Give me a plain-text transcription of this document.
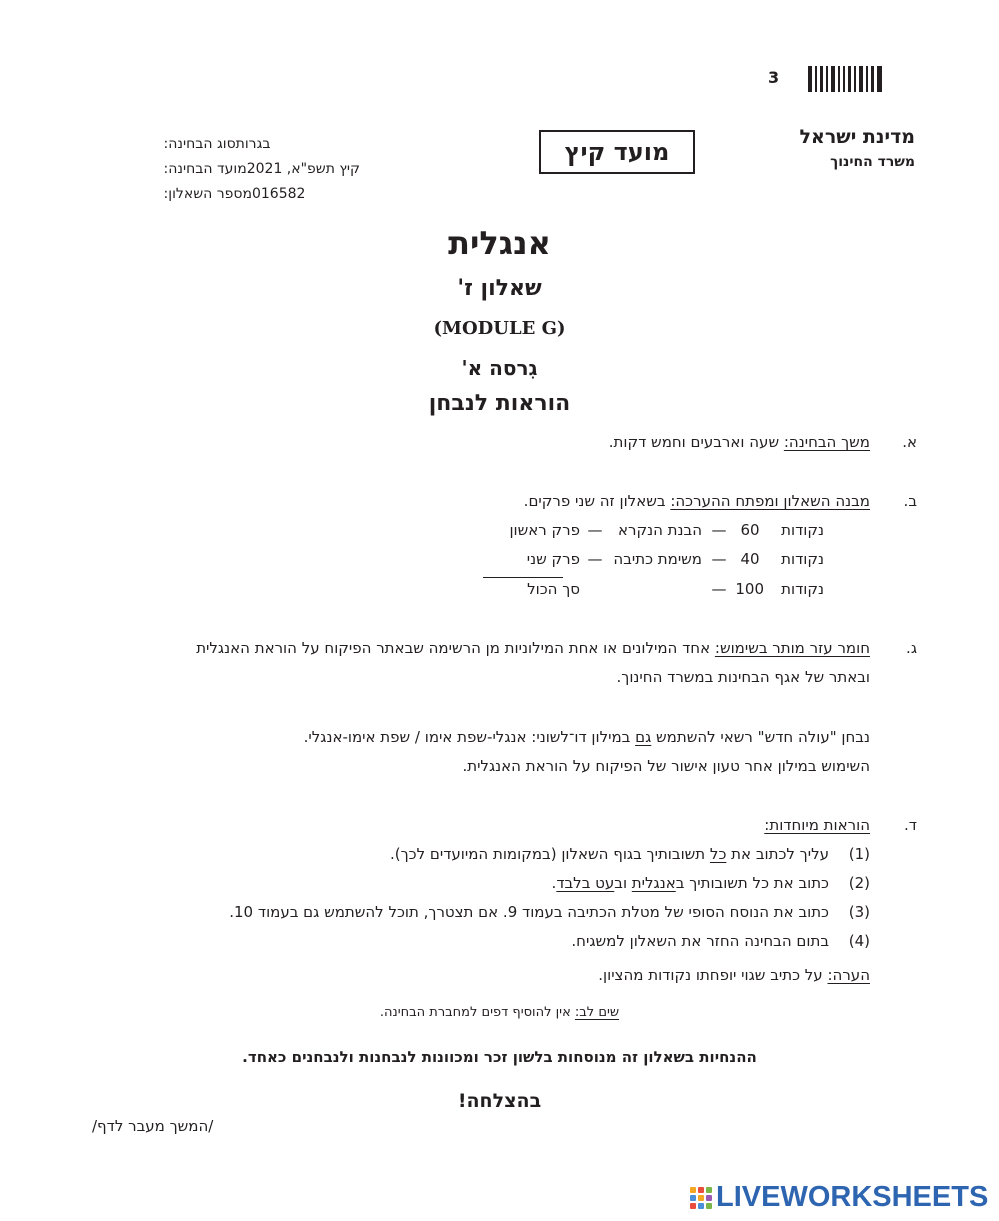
3
מדינת ישראל
משרד החינוך
מועד קיץ
סוג הבחינה: בגרות
מועד הבחינה: קיץ תשפ"א, 2021
מספר השאלון: 016582
אנגלית
שאלון ז'
(MODULE G)
גִרסה א'
הוראות לנבחן
א.
משך הבחינה: שעה וארבעים וחמש דקות.
ב.
מבנה השאלון ומפתח ההערכה: בשאלון זה שני פרקים.
פרק ראשון —	הבנת הנקרא — 60	נקודות
פרק שני — משימת כתיבה — 40	נקודות
סך הכול	— 100	נקודות
ג.
חומר עזר מותר בשימוש: אחד המילונים או אחת המילוניות מן הרשימה שבאתר הפיקוח על הוראת האנגלית
ובאתר של אגף הבחינות במשרד החינוך.
נבחן "עולה חדש" רשאי להשתמש גם במילון דו־לשוני: אנגלי-שפת אימו / שפת אימו-אנגלי.
השימוש במילון אחר טעון אישור של הפיקוח על הוראת האנגלית.
ד.
הוראות מיוחדות:
(1)
עליך לכתוב את כל תשובותיך בגוף השאלון (במקומות המיועדים לכך).
(2)
כתוב את כל תשובותיך באנגלית ובעט בלבד.
(3)
כתוב את הנוסח הסופי של מטלת הכתיבה בעמוד 9. אם תצטרך, תוכל להשתמש גם בעמוד 10.
(4)
בתום הבחינה החזר את השאלון למשגיח.
הערה: על כתיב שגוי יופחתו נקודות מהציון.
שים לב: אין להוסיף דפים למחברת הבחינה.
ההנחיות בשאלון זה מנוסחות בלשון זכר ומכוונות לנבחנות ולנבחנים כאחד.
בהצלחה!
/המשך מעבר לדף/
LIVEWORKSHEETS
